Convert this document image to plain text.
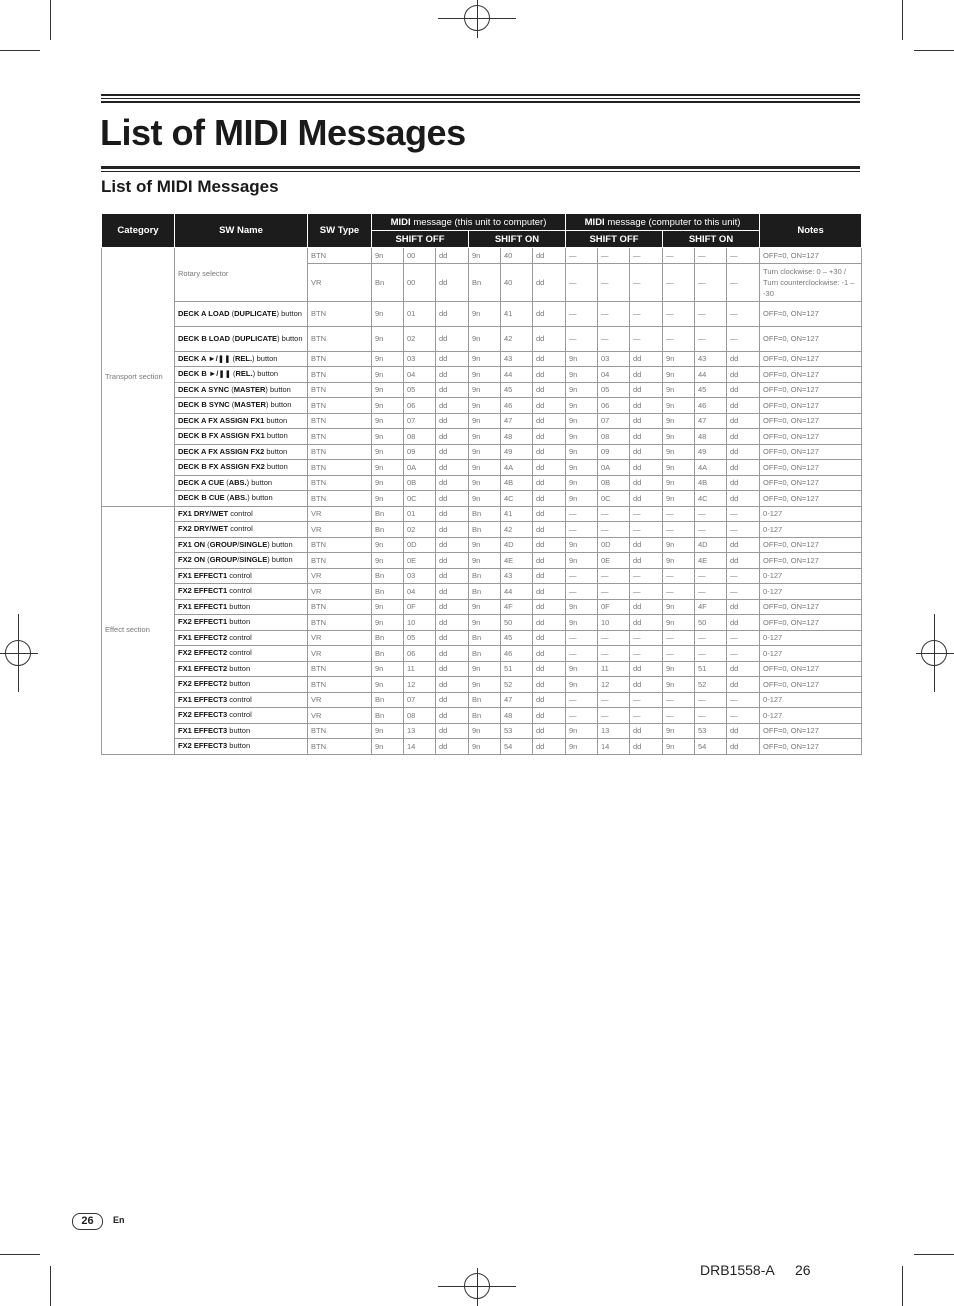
List of MIDI Messages
List of MIDI Messages
Category	SW Name	SW Type	MIDI message (this unit to computer)						MIDI message (computer to this unit)						Notes
			SHIFT OFF			SHIFT ON			SHIFT OFF			SHIFT ON			
Transport section	Rotary selector	BTN	9n	00	dd	9n	40	dd	—	—	—	—	—	—	OFF=0, ON=127
		VR	Bn	00	dd	Bn	40	dd	—	—	—	—	—	—	Turn clockwise: 0 – +30 / Turn counterclockwise: -1 – -30
	DECK A LOAD (DUPLICATE) button	BTN	9n	01	dd	9n	41	dd	—	—	—	—	—	—	OFF=0, ON=127
	DECK B LOAD (DUPLICATE) button	BTN	9n	02	dd	9n	42	dd	—	—	—	—	—	—	OFF=0, ON=127
	DECK A ►/❚❚ (REL.) button	BTN	9n	03	dd	9n	43	dd	9n	03	dd	9n	43	dd	OFF=0, ON=127
	DECK B ►/❚❚ (REL.) button	BTN	9n	04	dd	9n	44	dd	9n	04	dd	9n	44	dd	OFF=0, ON=127
	DECK A SYNC (MASTER) button	BTN	9n	05	dd	9n	45	dd	9n	05	dd	9n	45	dd	OFF=0, ON=127
	DECK B SYNC (MASTER) button	BTN	9n	06	dd	9n	46	dd	9n	06	dd	9n	46	dd	OFF=0, ON=127
	DECK A FX ASSIGN FX1 button	BTN	9n	07	dd	9n	47	dd	9n	07	dd	9n	47	dd	OFF=0, ON=127
	DECK B FX ASSIGN FX1 button	BTN	9n	08	dd	9n	48	dd	9n	08	dd	9n	48	dd	OFF=0, ON=127
	DECK A FX ASSIGN FX2 button	BTN	9n	09	dd	9n	49	dd	9n	09	dd	9n	49	dd	OFF=0, ON=127
	DECK B FX ASSIGN FX2 button	BTN	9n	0A	dd	9n	4A	dd	9n	0A	dd	9n	4A	dd	OFF=0, ON=127
	DECK A CUE (ABS.) button	BTN	9n	0B	dd	9n	4B	dd	9n	0B	dd	9n	4B	dd	OFF=0, ON=127
	DECK B CUE (ABS.) button	BTN	9n	0C	dd	9n	4C	dd	9n	0C	dd	9n	4C	dd	OFF=0, ON=127
Effect section	FX1 DRY/WET control	VR	Bn	01	dd	Bn	41	dd	—	—	—	—	—	—	0-127
	FX2 DRY/WET control	VR	Bn	02	dd	Bn	42	dd	—	—	—	—	—	—	0-127
	FX1 ON (GROUP/SINGLE) button	BTN	9n	0D	dd	9n	4D	dd	9n	0D	dd	9n	4D	dd	OFF=0, ON=127
	FX2 ON (GROUP/SINGLE) button	BTN	9n	0E	dd	9n	4E	dd	9n	0E	dd	9n	4E	dd	OFF=0, ON=127
	FX1 EFFECT1 control	VR	Bn	03	dd	Bn	43	dd	—	—	—	—	—	—	0-127
	FX2 EFFECT1 control	VR	Bn	04	dd	Bn	44	dd	—	—	—	—	—	—	0-127
	FX1 EFFECT1 button	BTN	9n	0F	dd	9n	4F	dd	9n	0F	dd	9n	4F	dd	OFF=0, ON=127
	FX2 EFFECT1 button	BTN	9n	10	dd	9n	50	dd	9n	10	dd	9n	50	dd	OFF=0, ON=127
	FX1 EFFECT2 control	VR	Bn	05	dd	Bn	45	dd	—	—	—	—	—	—	0-127
	FX2 EFFECT2 control	VR	Bn	06	dd	Bn	46	dd	—	—	—	—	—	—	0-127
	FX1 EFFECT2 button	BTN	9n	11	dd	9n	51	dd	9n	11	dd	9n	51	dd	OFF=0, ON=127
	FX2 EFFECT2 button	BTN	9n	12	dd	9n	52	dd	9n	12	dd	9n	52	dd	OFF=0, ON=127
	FX1 EFFECT3 control	VR	Bn	07	dd	Bn	47	dd	—	—	—	—	—	—	0-127
	FX2 EFFECT3 control	VR	Bn	08	dd	Bn	48	dd	—	—	—	—	—	—	0-127
	FX1 EFFECT3 button	BTN	9n	13	dd	9n	53	dd	9n	13	dd	9n	53	dd	OFF=0, ON=127
	FX2 EFFECT3 button	BTN	9n	14	dd	9n	54	dd	9n	14	dd	9n	54	dd	OFF=0, ON=127
26	En
DRB1558-A 26
